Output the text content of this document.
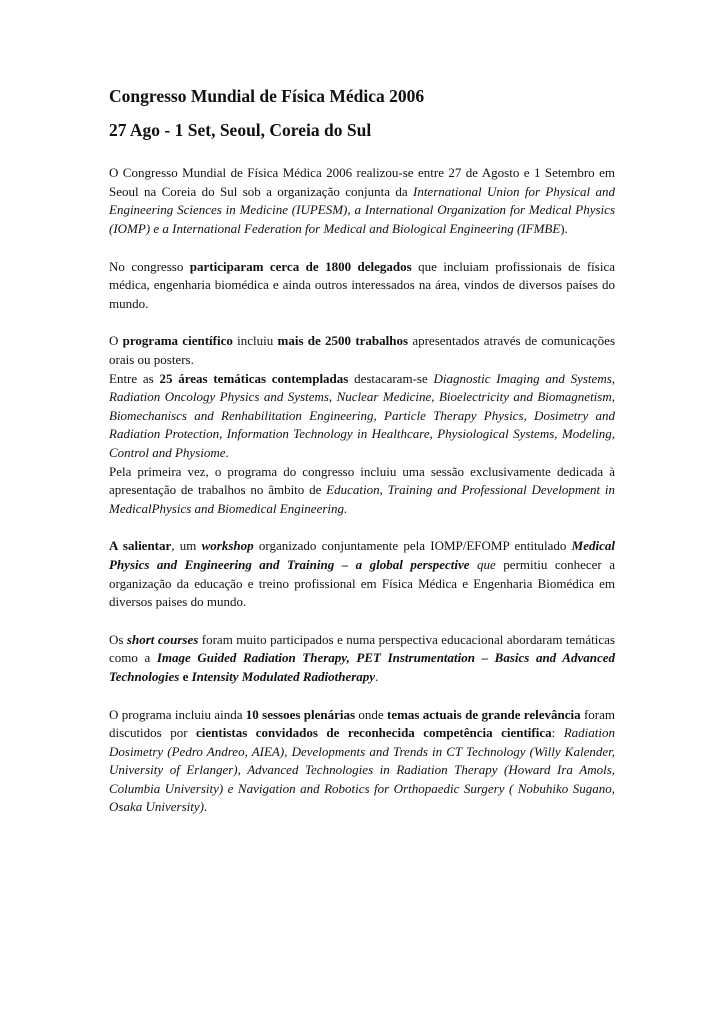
Congresso Mundial de Física Médica 2006
27 Ago - 1 Set, Seoul, Coreia do Sul

O Congresso Mundial de Física Médica 2006 realizou-se entre 27 de Agosto e 1 Setembro em Seoul na Coreia do Sul sob a organização conjunta da International Union for Physical and Engineering Sciences in Medicine (IUPESM), a International Organization for Medical Physics (IOMP) e a International Federation for Medical and Biological Engineering (IFMBE).

No congresso participaram cerca de 1800 delegados que incluiam profissionais de física médica, engenharia biomédica e ainda outros interessados na área, vindos de diversos países do mundo.

O programa científico incluiu mais de 2500 trabalhos apresentados através de comunicações orais ou posters.

Entre as 25 áreas temáticas contempladas destacaram-se Diagnostic Imaging and Systems, Radiation Oncology Physics and Systems, Nuclear Medicine, Bioelectricity and Biomagnetism, Biomechaniscs and Renhabilitation Engineering, Particle Therapy Physics, Dosimetry and Radiation Protection, Information Technology in Healthcare, Physiological Systems, Modeling, Control and Physiome.

Pela primeira vez, o programa do congresso incluiu uma sessão exclusivamente dedicada à apresentação de trabalhos no âmbito de Education, Training and Professional Development in MedicalPhysics and Biomedical Engineering.

A salientar, um workshop organizado conjuntamente pela IOMP/EFOMP entitulado Medical Physics and Engineering and Training – a global perspective que permitiu conhecer a organização da educação e treino profissional em Física Médica e Engenharia Biomédica em diversos paises do mundo.

Os short courses foram muito participados e numa perspectiva educacional abordaram temáticas como a Image Guided Radiation Therapy, PET Instrumentation – Basics and Advanced Technologies e Intensity Modulated Radiotherapy.

O programa incluiu ainda 10 sessoes plenárias onde temas actuais de grande relevância foram discutidos por cientistas convidados de reconhecida competência cientifica: Radiation Dosimetry (Pedro Andreo, AIEA), Developments and Trends in CT Technology (Willy Kalender, University of Erlanger), Advanced Technologies in Radiation Therapy (Howard Ira Amols, Columbia University) e Navigation and Robotics for Orthopaedic Surgery ( Nobuhiko Sugano, Osaka University).
